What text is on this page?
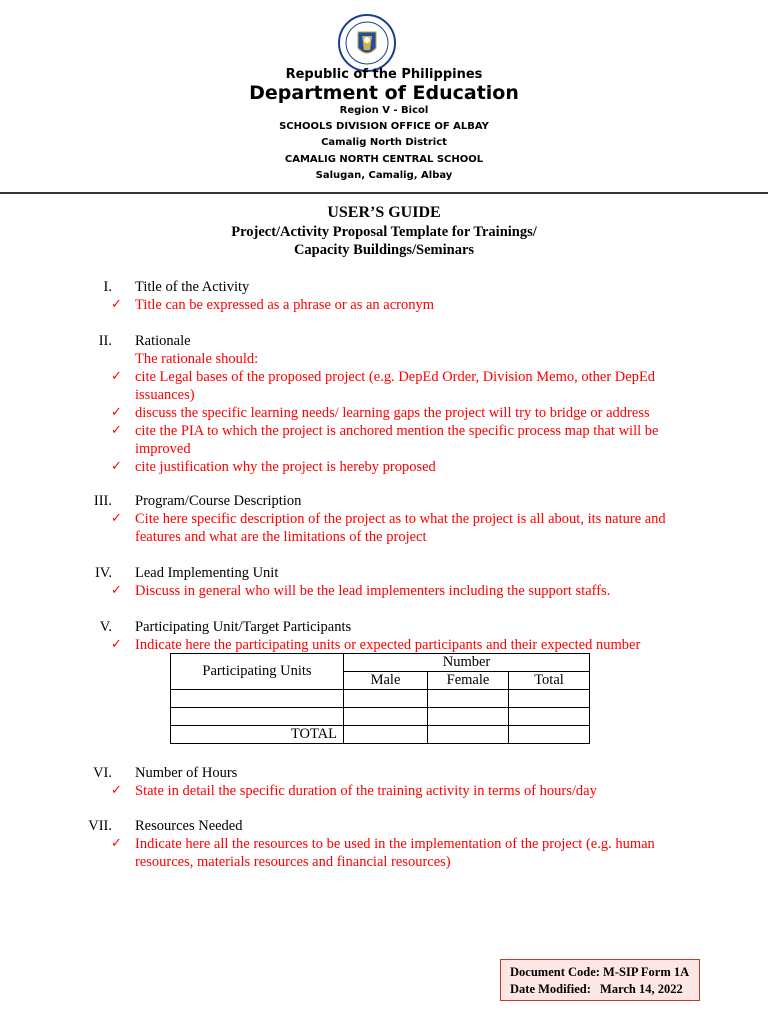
Republic of the Philippines
Department of Education
Region V - Bicol
SCHOOLS DIVISION OFFICE OF ALBAY
Camalig North District
CAMALIG NORTH CENTRAL SCHOOL
Salugan, Camalig, Albay
USER’S GUIDE
Project/Activity Proposal Template for Trainings/
Capacity Buildings/Seminars
I. Title of the Activity
✓ Title can be expressed as a phrase or as an acronym
II. Rationale
The rationale should:
✓ cite Legal bases of the proposed project (e.g. DepEd Order, Division Memo, other DepEd issuances)
✓ discuss the specific learning needs/ learning gaps the project will try to bridge or address
✓ cite the PIA to which the project is anchored mention the specific process map that will be improved
✓ cite justification why the project is hereby proposed
III. Program/Course Description
✓ Cite here specific description of the project as to what the project is all about, its nature and features and what are the limitations of the project
IV. Lead Implementing Unit
✓ Discuss in general who will be the lead implementers including the support staffs.
V. Participating Unit/Target Participants
✓ Indicate here the participating units or expected participants and their expected number
Participating Units	Number		
	Male	Female	Total

TOTAL			
VI. Number of Hours
✓ State in detail the specific duration of the training activity in terms of hours/day
VII. Resources Needed
✓ Indicate here all the resources to be used in the implementation of the project (e.g. human resources, materials resources and financial resources)
Document Code: M-SIP Form 1A
Date Modified: March 14, 2022
